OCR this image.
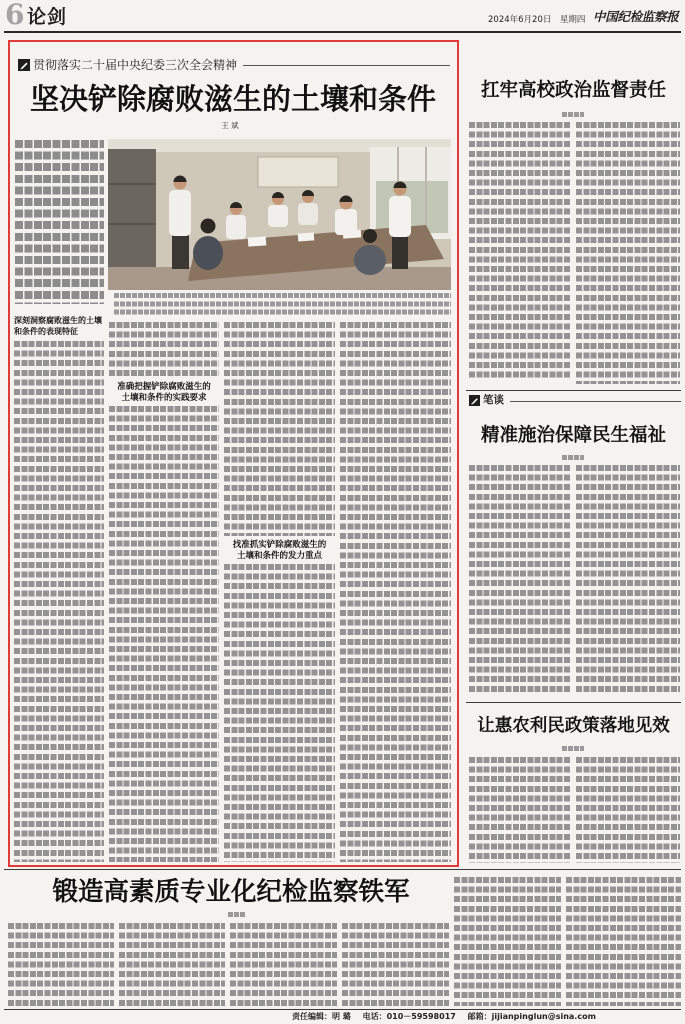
6 论剑	2024年6月20日　星期四 中国纪检监察报
贯彻落实二十届中央纪委三次全会精神
坚决铲除腐败滋生的土壤和条件
王 斌
深刻洞察腐败滋生的土壤
和条件的表现特征
准确把握铲除腐败滋生的
土壤和条件的实践要求
找准抓实铲除腐败滋生的
土壤和条件的发力重点
扛牢高校政治监督责任
笔谈
精准施治保障民生福祉
让惠农利民政策落地见效
锻造高素质专业化纪检监察铁军
责任编辑：明 璐 电话：010－59598017 邮箱：jijianpinglun@sina.com
